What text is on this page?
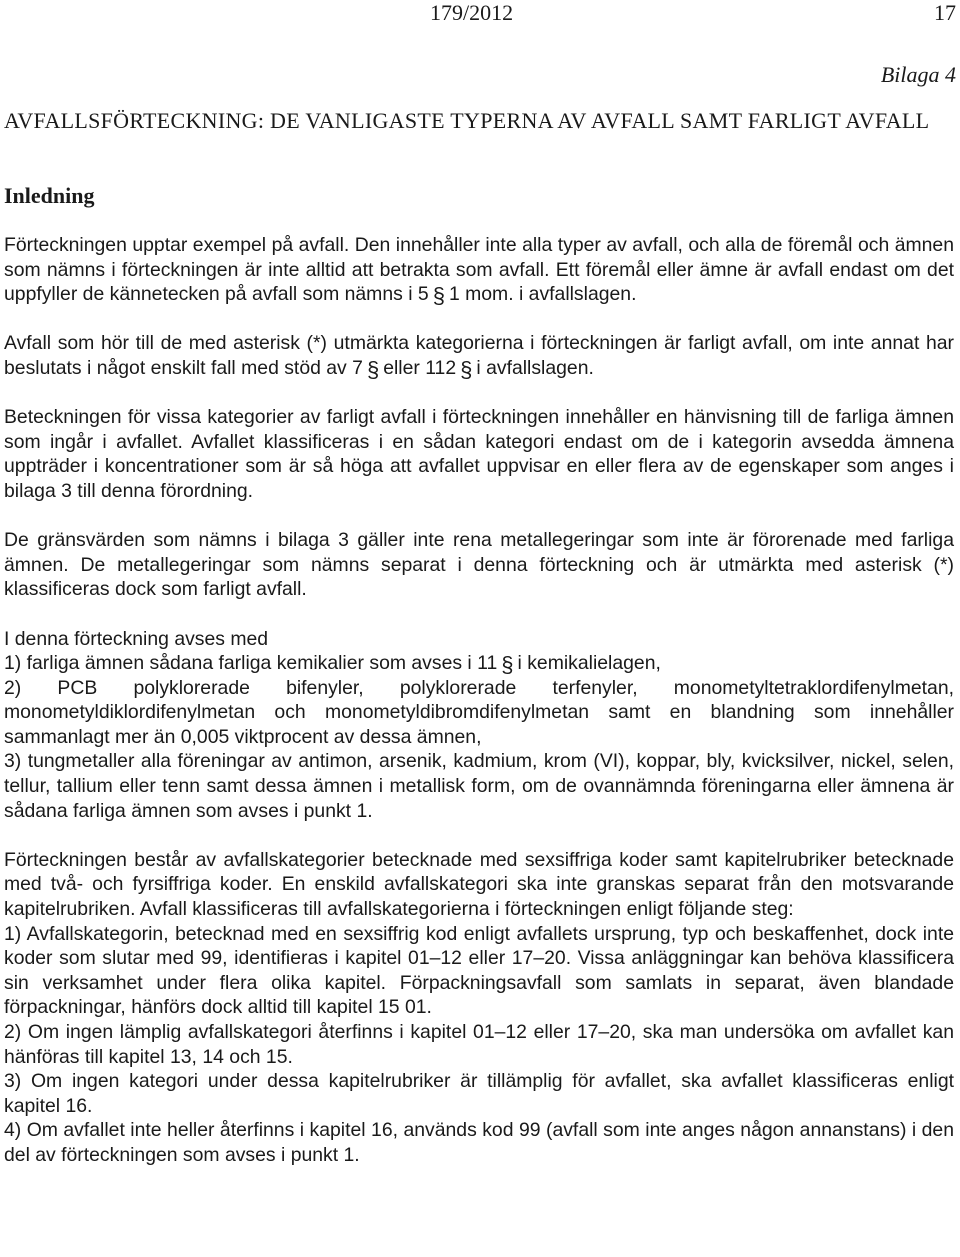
179/2012	17
Bilaga 4
AVFALLSFÖRTECKNING: DE VANLIGASTE TYPERNA AV AVFALL SAMT FARLIGT AVFALL
Inledning

Förteckningen upptar exempel på avfall. Den innehåller inte alla typer av avfall, och alla de föremål och ämnen som nämns i förteckningen är inte alltid att betrakta som avfall. Ett föremål eller ämne är avfall endast om det uppfyller de kännetecken på avfall som nämns i 5 § 1 mom. i avfallslagen.

Avfall som hör till de med asterisk (*) utmärkta kategorierna i förteckningen är farligt avfall, om inte annat har beslutats i något enskilt fall med stöd av 7 § eller 112 § i avfallslagen.

Beteckningen för vissa kategorier av farligt avfall i förteckningen innehåller en hänvisning till de farliga ämnen som ingår i avfallet. Avfallet klassificeras i en sådan kategori endast om de i kategorin avsedda ämnena uppträder i koncentrationer som är så höga att avfallet uppvisar en eller flera av de egenskaper som anges i bilaga 3 till denna förordning.

De gränsvärden som nämns i bilaga 3 gäller inte rena metallegeringar som inte är förorenade med farliga ämnen. De metallegeringar som nämns separat i denna förteckning och är utmärkta med asterisk (*) klassificeras dock som farligt avfall.

I denna förteckning avses med
1) farliga ämnen sådana farliga kemikalier som avses i 11 § i kemikalielagen,
2) PCB polyklorerade bifenyler, polyklorerade terfenyler, monometyltetraklordifenylmetan, monometyldiklordifenylmetan och monometyldibromdifenylmetan samt en blandning som innehåller sammanlagt mer än 0,005 viktprocent av dessa ämnen,
3) tungmetaller alla föreningar av antimon, arsenik, kadmium, krom (VI), koppar, bly, kvicksilver, nickel, selen, tellur, tallium eller tenn samt dessa ämnen i metallisk form, om de ovannämnda föreningarna eller ämnena är sådana farliga ämnen som avses i punkt 1.

Förteckningen består av avfallskategorier betecknade med sexsiffriga koder samt kapitelrubriker betecknade med två- och fyrsiffriga koder. En enskild avfallskategori ska inte granskas separat från den motsvarande kapitelrubriken. Avfall klassificeras till avfallskategorierna i förteckningen enligt följande steg:
1) Avfallskategorin, betecknad med en sexsiffrig kod enligt avfallets ursprung, typ och beskaffenhet, dock inte koder som slutar med 99, identifieras i kapitel 01–12 eller 17–20. Vissa anläggningar kan behöva klassificera sin verksamhet under flera olika kapitel. Förpackningsavfall som samlats in separat, även blandade förpackningar, hänförs dock alltid till kapitel 15 01.
2) Om ingen lämplig avfallskategori återfinns i kapitel 01–12 eller 17–20, ska man undersöka om avfallet kan hänföras till kapitel 13, 14 och 15.
3) Om ingen kategori under dessa kapitelrubriker är tillämplig för avfallet, ska avfallet klassificeras enligt kapitel 16.
4) Om avfallet inte heller återfinns i kapitel 16, används kod 99 (avfall som inte anges någon annanstans) i den del av förteckningen som avses i punkt 1.
